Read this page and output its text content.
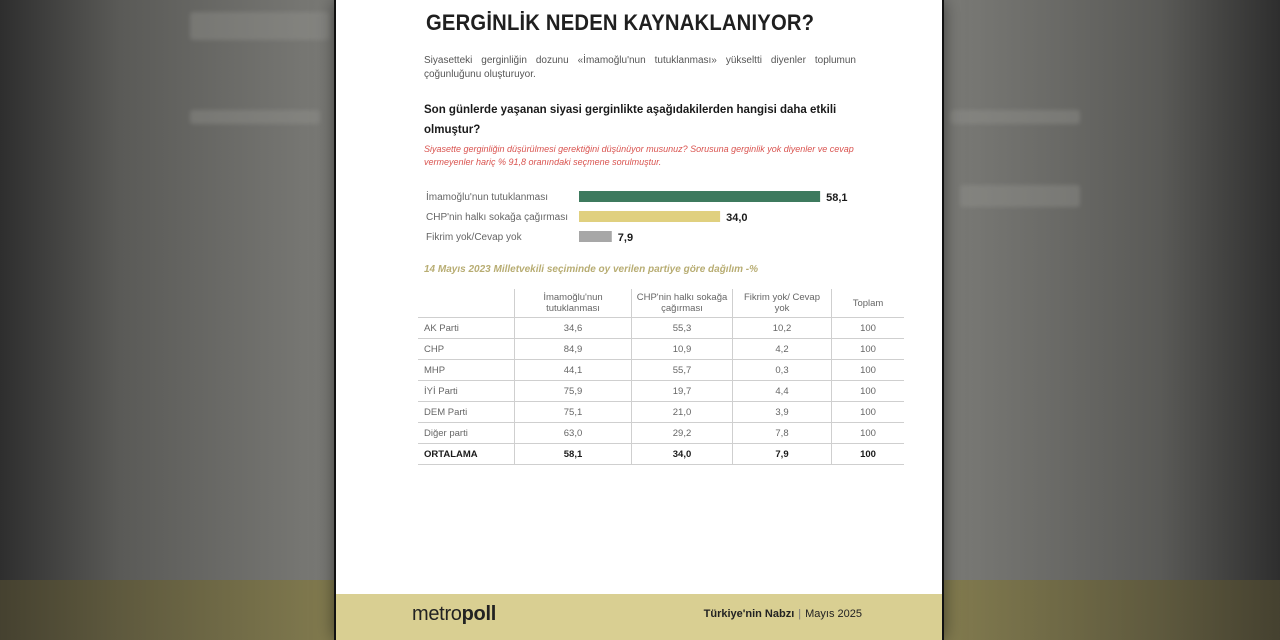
GERGİNLİK NEDEN KAYNAKLANIYOR?
Siyasetteki gerginliğin dozunu «İmamoğlu'nun tutuklanması» yükseltti diyenler toplumun çoğunluğunu oluşturuyor.
Son günlerde yaşanan siyasi gerginlikte aşağıdakilerden hangisi daha etkili olmuştur?
Siyasette gerginliğin düşürülmesi gerektiğini düşünüyor musunuz? Sorusuna gerginlik yok diyenler ve cevap vermeyenler hariç % 91,8 oranındaki seçmene sorulmuştur.
İmamoğlu'nun tutuklanması	58,1
CHP'nin halkı sokağa çağırması	34,0
Fikrim yok/Cevap yok	7,9
14 Mayıs 2023 Milletvekili seçiminde oy verilen partiye göre dağılım -%
	İmamoğlu'nun tutuklanması	CHP'nin halkı sokağa çağırması	Fikrim yok/ Cevap yok	Toplam
AK Parti	34,6	55,3	10,2	100
CHP	84,9	10,9	4,2	100
MHP	44,1	55,7	0,3	100
İYİ Parti	75,9	19,7	4,4	100
DEM Parti	75,1	21,0	3,9	100
Diğer parti	63,0	29,2	7,8	100
ORTALAMA	58,1	34,0	7,9	100
metropoll	Türkiye'nin Nabzı | Mayıs 2025
